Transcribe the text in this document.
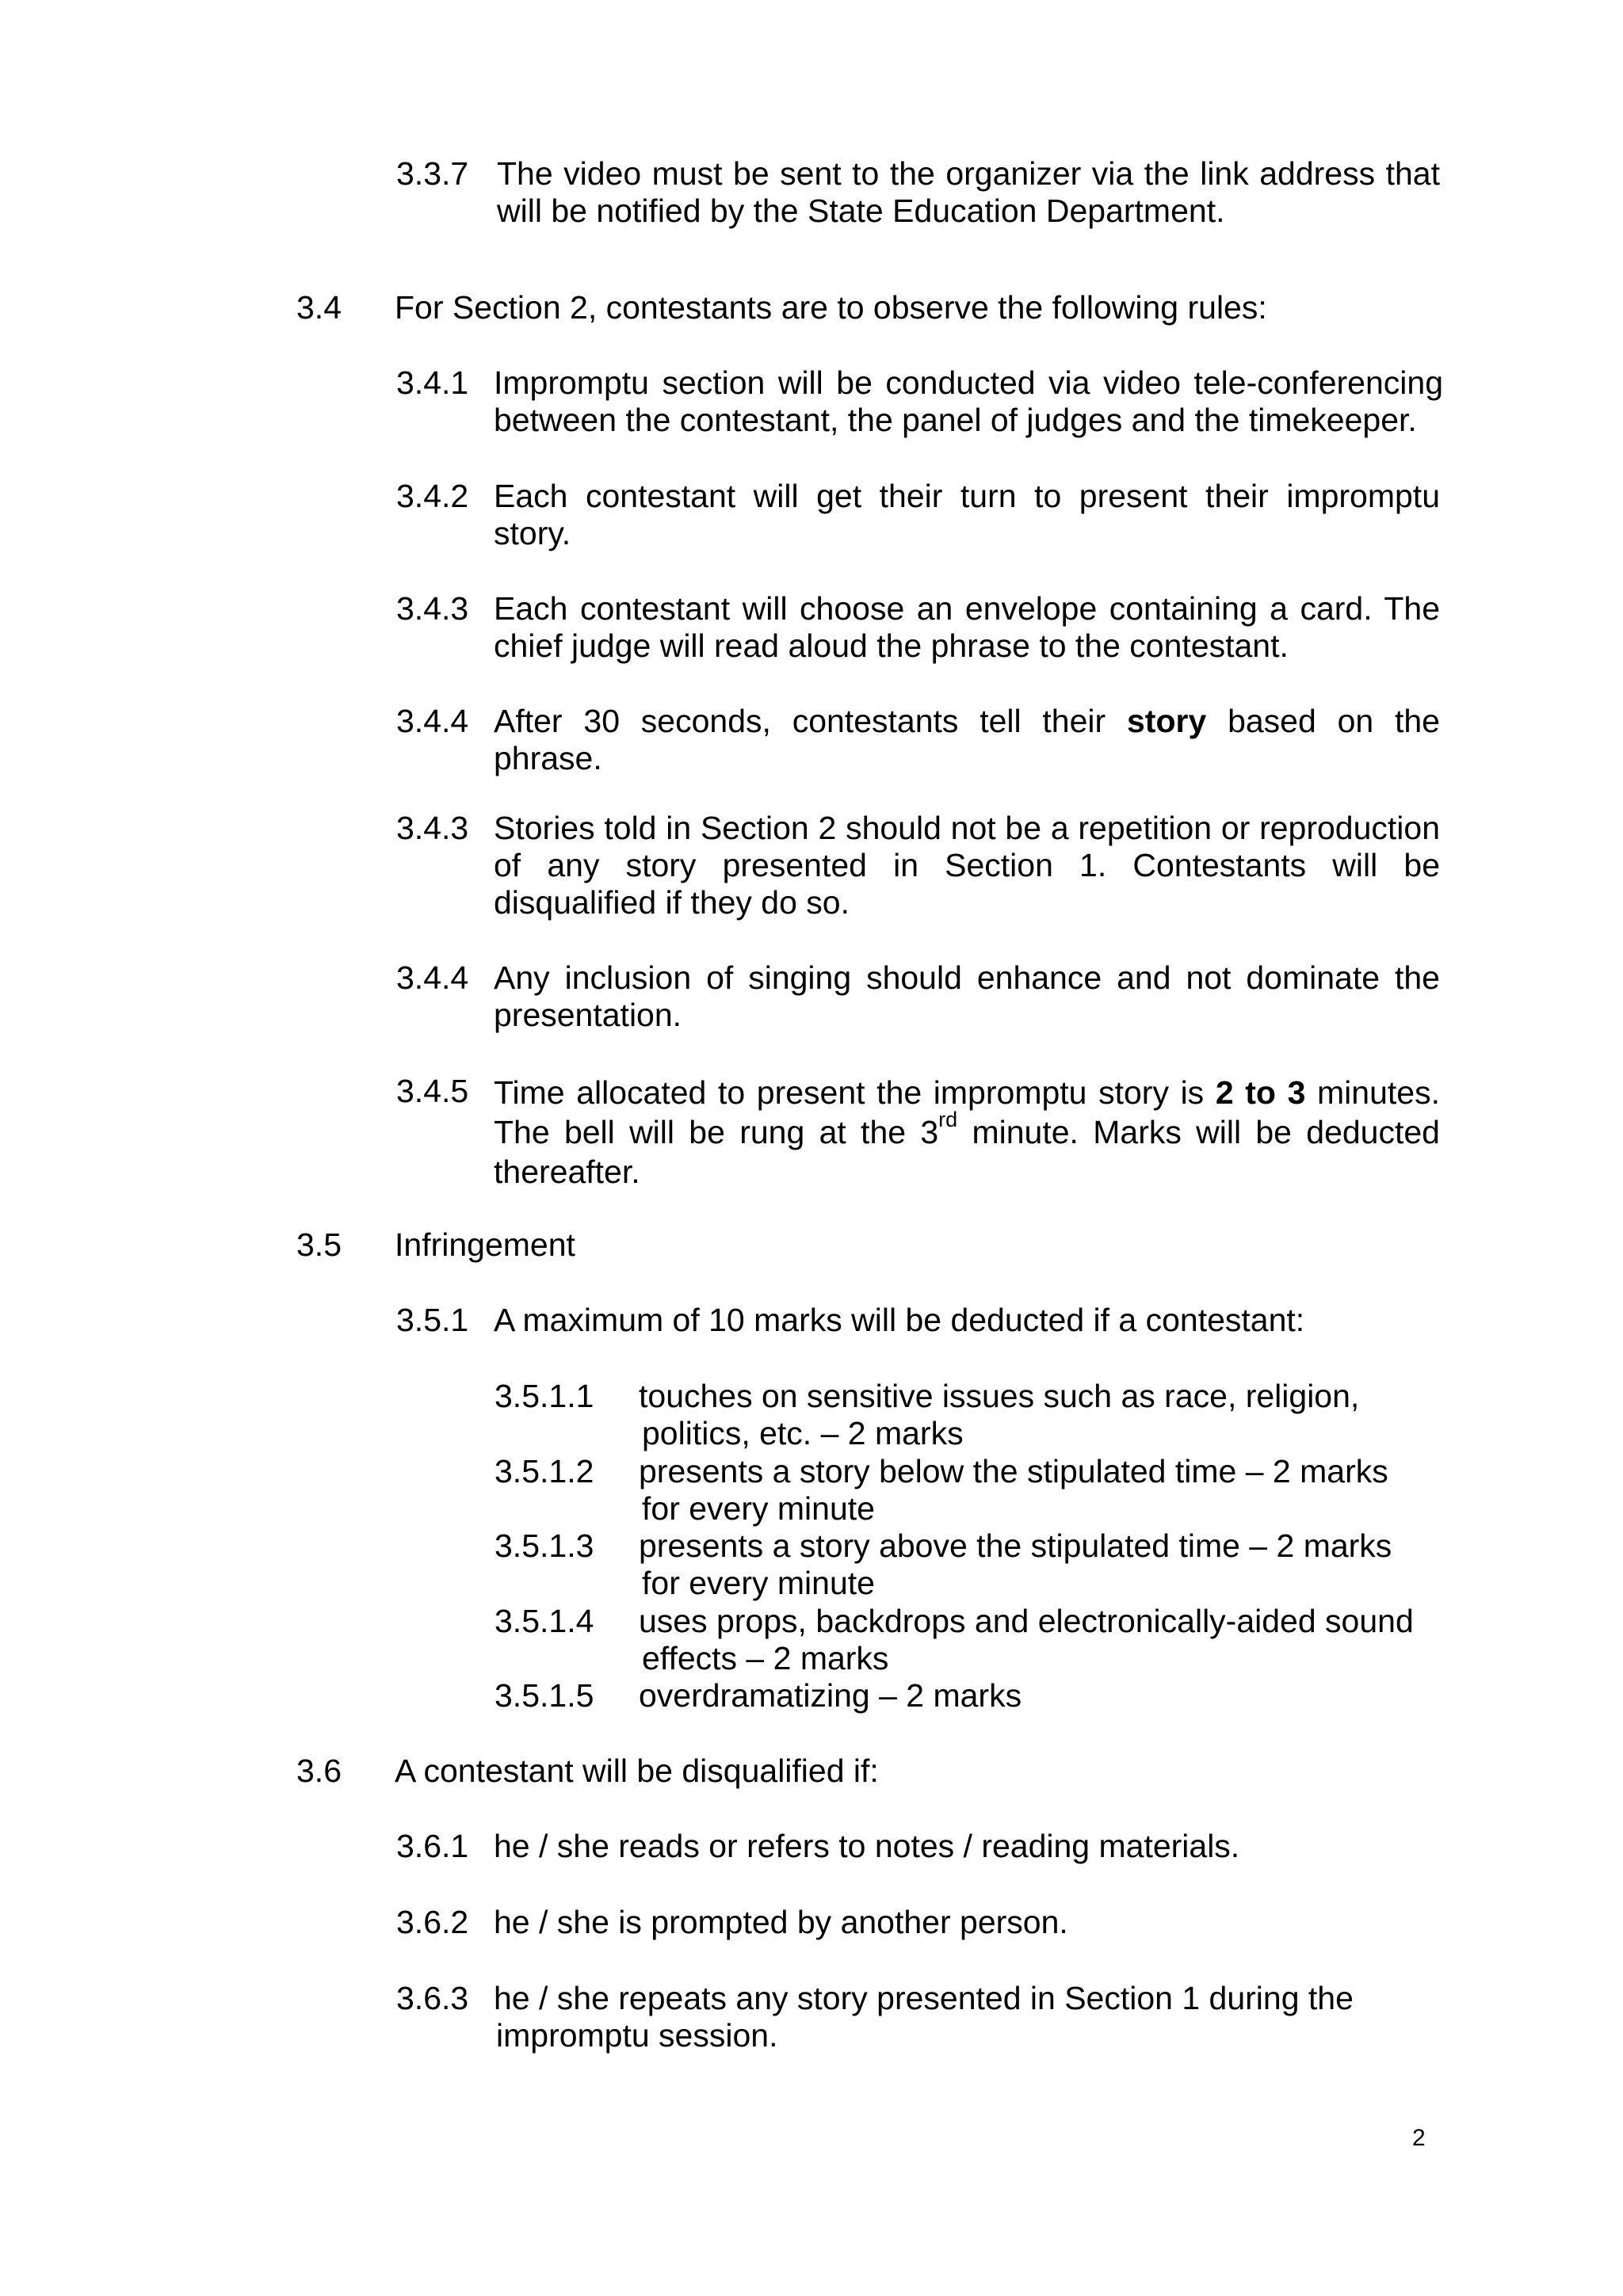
3.3.7 The video must be sent to the organizer via the link address that will be notified by the State Education Department.
3.4 For Section 2, contestants are to observe the following rules:
3.4.1 Impromptu section will be conducted via video tele-conferencing between the contestant, the panel of judges and the timekeeper.
3.4.2 Each contestant will get their turn to present their impromptu story.
3.4.3 Each contestant will choose an envelope containing a card. The chief judge will read aloud the phrase to the contestant.
3.4.4 After 30 seconds, contestants tell their story based on the phrase.
3.4.3 Stories told in Section 2 should not be a repetition or reproduction of any story presented in Section 1. Contestants will be disqualified if they do so.
3.4.4 Any inclusion of singing should enhance and not dominate the presentation.
3.4.5 Time allocated to present the impromptu story is 2 to 3 minutes. The bell will be rung at the 3rd minute. Marks will be deducted thereafter.
3.5 Infringement
3.5.1 A maximum of 10 marks will be deducted if a contestant:
3.5.1.1 touches on sensitive issues such as race, religion,
politics, etc. – 2 marks
3.5.1.2 presents a story below the stipulated time – 2 marks
for every minute
3.5.1.3 presents a story above the stipulated time – 2 marks
for every minute
3.5.1.4 uses props, backdrops and electronically-aided sound
effects – 2 marks
3.5.1.5 overdramatizing – 2 marks
3.6 A contestant will be disqualified if:
3.6.1 he / she reads or refers to notes / reading materials.
3.6.2 he / she is prompted by another person.
3.6.3 he / she repeats any story presented in Section 1 during the
impromptu session.
2
